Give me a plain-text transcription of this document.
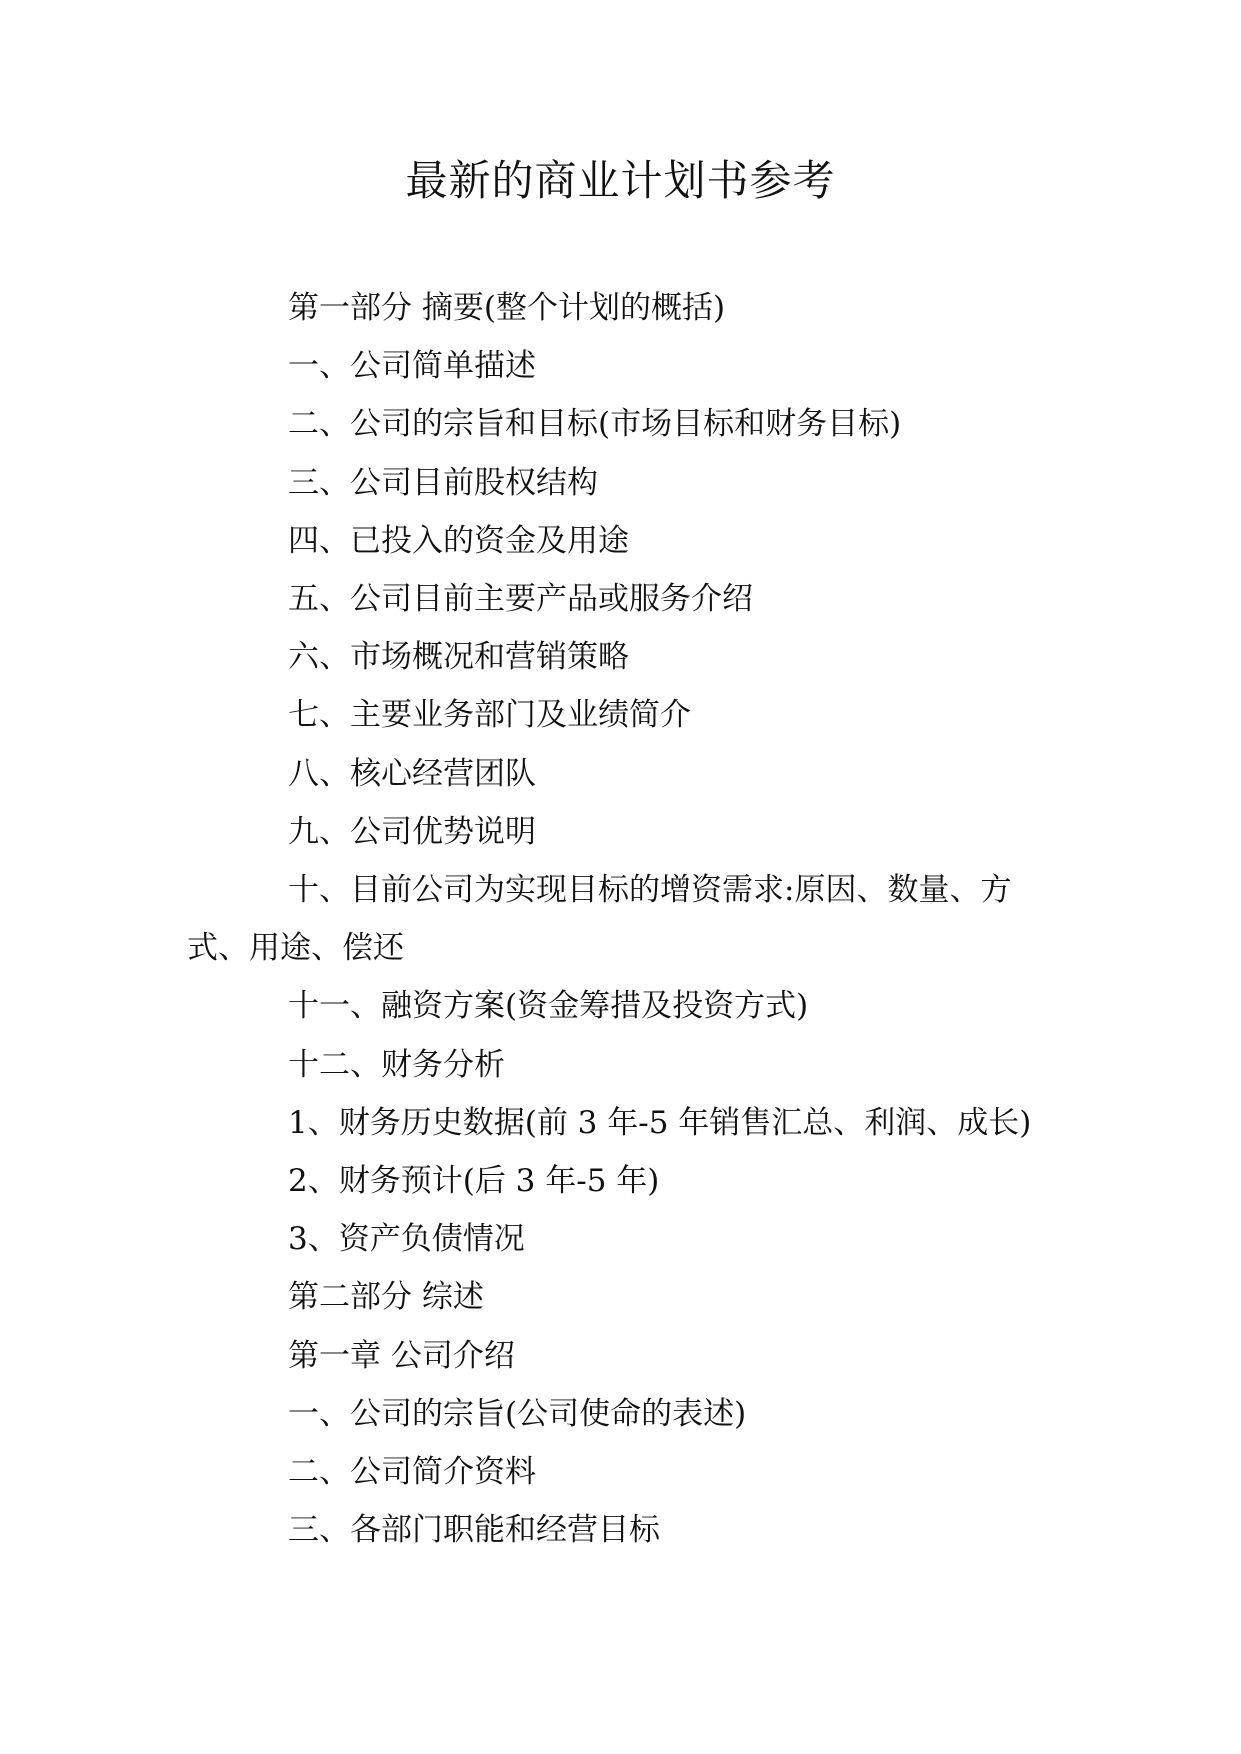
最新的商业计划书参考

第一部分 摘要(整个计划的概括)

一、公司简单描述

二、公司的宗旨和目标(市场目标和财务目标)

三、公司目前股权结构

四、已投入的资金及用途

五、公司目前主要产品或服务介绍

六、市场概况和营销策略

七、主要业务部门及业绩简介

八、核心经营团队

九、公司优势说明

十、目前公司为实现目标的增资需求:原因、数量、方式、用途、偿还

十一、融资方案(资金筹措及投资方式)

十二、财务分析

1、财务历史数据(前 3 年-5 年销售汇总、利润、成长)

2、财务预计(后 3 年-5 年)

3、资产负债情况

第二部分 综述

第一章 公司介绍

一、公司的宗旨(公司使命的表述)

二、公司简介资料

三、各部门职能和经营目标
